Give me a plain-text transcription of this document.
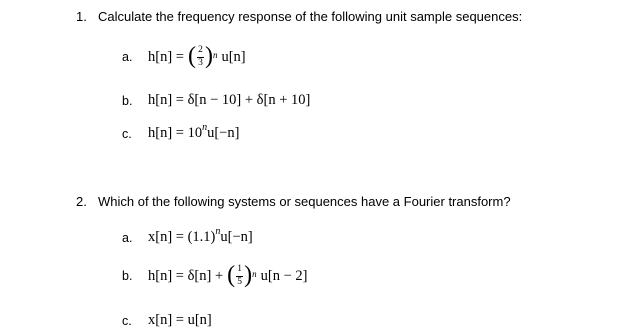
1. Calculate the frequency response of the following unit sample sequences:
a.	h[n] = ( $\frac{2}{3} )^n$ u[n]
b.	h[n] = δ[n − 10] + δ[n + 10]
c.	$h[n] = 10^n$ u[−n]
2. Which of the following systems or sequences have a Fourier transform?
a.	$x[n] = (1.1)^n$ u[−n]
b.	h[n] = δ[n] + ( $\frac{1}{5} )^n$ u[n − 2]
c.	x[n] = u[n]
